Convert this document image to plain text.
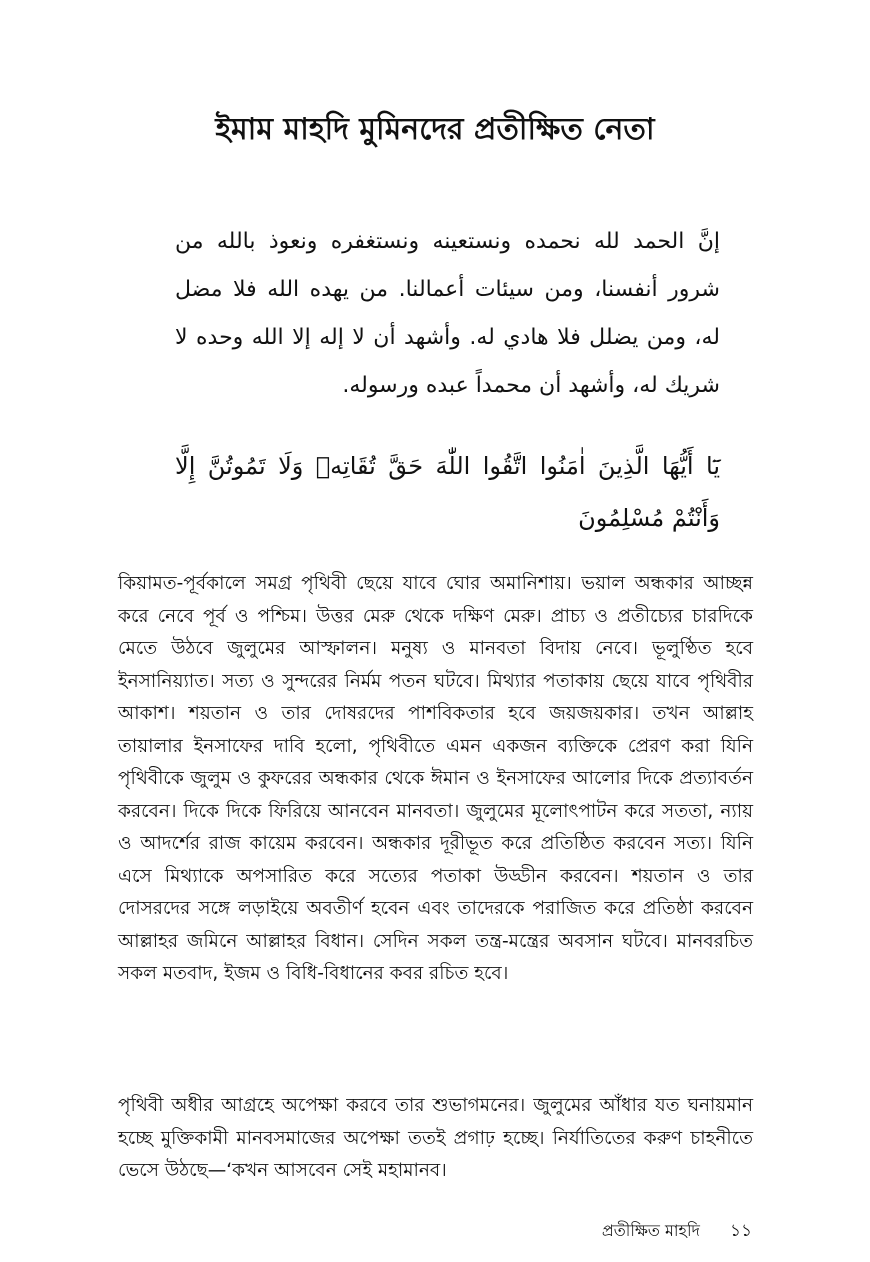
ইমাম মাহদি মুমিনদের প্রতীক্ষিত নেতা

إنَّ الحمد لله نحمده ونستعينه ونستغفره ونعوذ بالله من شرور أنفسنا، ومن سيئات أعمالنا. من يهده الله فلا مضل له، ومن يضلل فلا هادي له. وأشهد أن لا إله إلا الله وحده لا شريك له، وأشهد أن محمداً عبده ورسوله.

يَٓا أَيُّهَا الَّذِينَ اٰمَنُوا اتَّقُوا اللّٰهَ حَقَّ تُقَاتِهٖ وَلَا تَمُوتُنَّ إِلَّا وَأَنْتُمْ مُسْلِمُونَ

কিয়ামত-পূর্বকালে সমগ্র পৃথিবী ছেয়ে যাবে ঘোর অমানিশায়। ভয়াল অন্ধকার আচ্ছন্ন করে নেবে পূর্ব ও পশ্চিম। উত্তর মেরু থেকে দক্ষিণ মেরু। প্রাচ্য ও প্রতীচ্যের চারদিকে মেতে উঠবে জুলুমের আস্ফালন। মনুষ্য ও মানবতা বিদায় নেবে। ভূলুণ্ঠিত হবে ইনসানিয়্যাত। সত্য ও সুন্দরের নির্মম পতন ঘটবে। মিথ্যার পতাকায় ছেয়ে যাবে পৃথিবীর আকাশ। শয়তান ও তার দোষরদের পাশবিকতার হবে জয়জয়কার। তখন আল্লাহ তায়ালার ইনসাফের দাবি হলো, পৃথিবীতে এমন একজন ব্যক্তিকে প্রেরণ করা যিনি পৃথিবীকে জুলুম ও কুফরের অন্ধকার থেকে ঈমান ও ইনসাফের আলোর দিকে প্রত্যাবর্তন করবেন। দিকে দিকে ফিরিয়ে আনবেন মানবতা। জুলুমের মূলোৎপাটন করে সততা, ন্যায় ও আদর্শের রাজ কায়েম করবেন। অন্ধকার দূরীভূত করে প্রতিষ্ঠিত করবেন সত্য। যিনি এসে মিথ্যাকে অপসারিত করে সত্যের পতাকা উড্ডীন করবেন। শয়তান ও তার দোসরদের সঙ্গে লড়াইয়ে অবতীর্ণ হবেন এবং তাদেরকে পরাজিত করে প্রতিষ্ঠা করবেন আল্লাহর জমিনে আল্লাহর বিধান। সেদিন সকল তন্ত্র-মন্ত্রের অবসান ঘটবে। মানবরচিত সকল মতবাদ, ইজম ও বিধি-বিধানের কবর রচিত হবে।

পৃথিবী অধীর আগ্রহে অপেক্ষা করবে তার শুভাগমনের। জুলুমের আঁধার যত ঘনায়মান হচ্ছে মুক্তিকামী মানবসমাজের অপেক্ষা ততই প্রগাঢ় হচ্ছে। নির্যাতিতের করুণ চাহনীতে ভেসে উঠছে—‘কখন আসবেন সেই মহামানব।

প্রতীক্ষিত মাহদি ১১
